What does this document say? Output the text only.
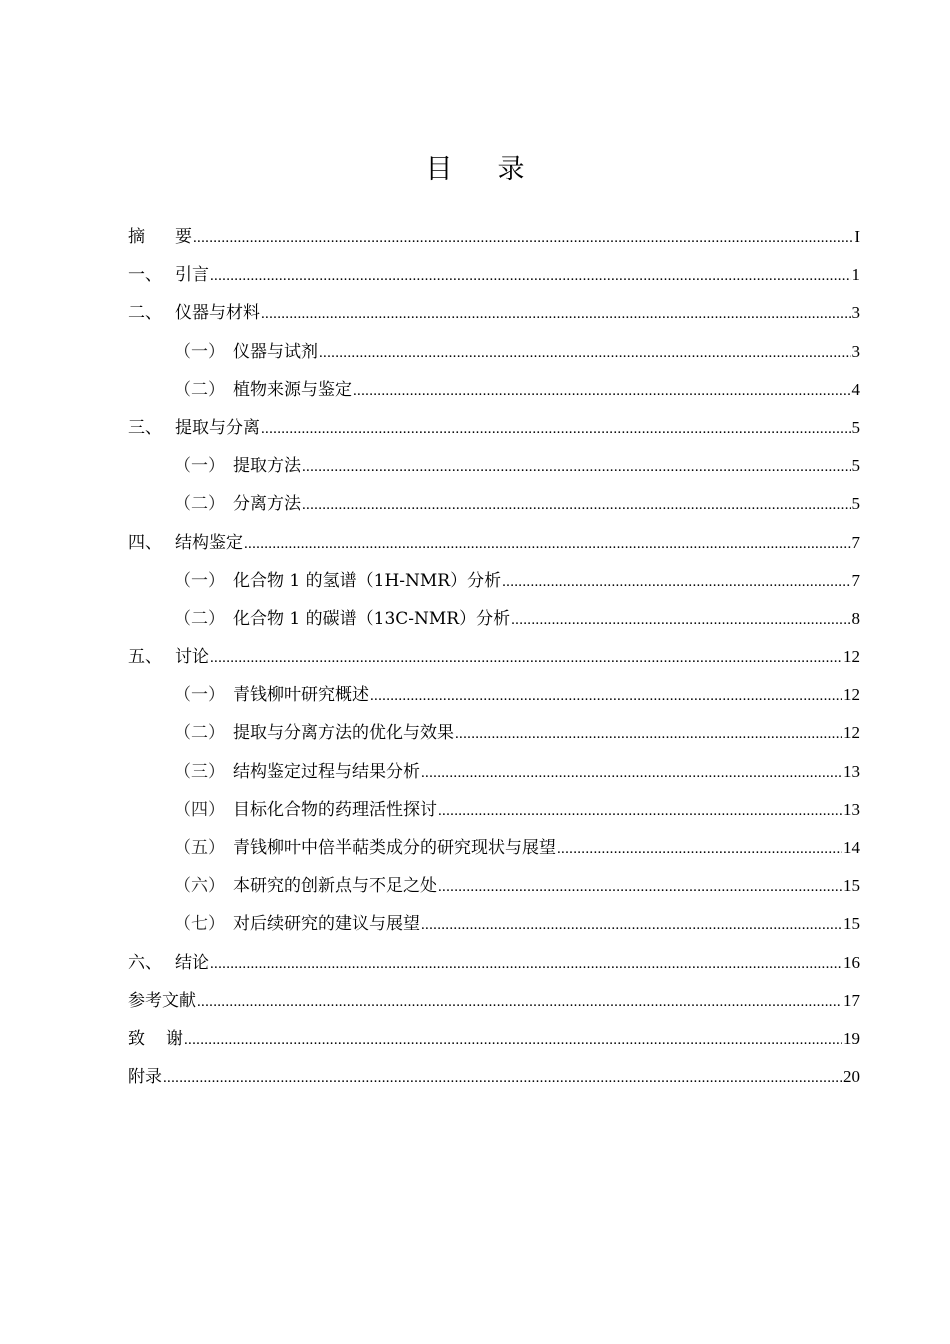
目 录
摘	要 .....	I
一、 引言 .....	1
二、 仪器与材料 .....	3
（一） 仪器与试剂 .....	3
（二） 植物来源与鉴定 .....	4
三、 提取与分离 .....	5
（一） 提取方法 .....	5
（二） 分离方法 .....	5
四、 结构鉴定 .....	7
（一） 化合物 1 的氢谱（1H-NMR）分析 .....	7
（二） 化合物 1 的碳谱（13C-NMR）分析 .....	8
五、 讨论 .....	12
（一） 青钱柳叶研究概述 .....	12
（二） 提取与分离方法的优化与效果 .....	12
（三） 结构鉴定过程与结果分析 .....	13
（四） 目标化合物的药理活性探讨 .....	13
（五） 青钱柳叶中倍半萜类成分的研究现状与展望 .....	14
（六） 本研究的创新点与不足之处 .....	15
（七） 对后续研究的建议与展望 .....	15
六、 结论 .....	16
参考文献 .....	17
致	谢 .....	19
附录 .....	20
